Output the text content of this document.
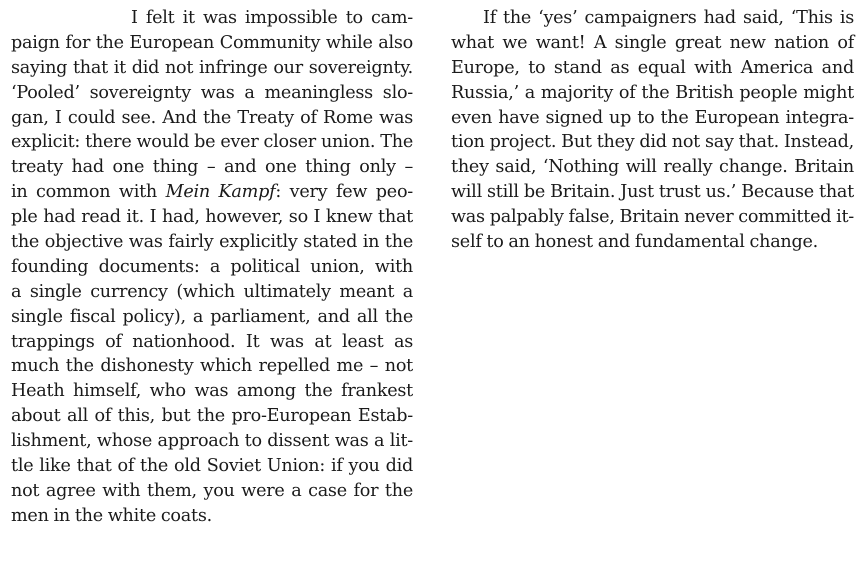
I felt it was impossible to cam-
paign for the European Community while also
saying that it did not infringe our sovereignty.
‘Pooled’ sovereignty was a meaningless slo-
gan, I could see. And the Treaty of Rome was
explicit: there would be ever closer union. The
treaty had one thing – and one thing only –
in common with Mein Kampf: very few peo-
ple had read it. I had, however, so I knew that
the objective was fairly explicitly stated in the
founding documents: a political union, with
a single currency (which ultimately meant a
single fiscal policy), a parliament, and all the
trappings of nationhood. It was at least as
much the dishonesty which repelled me – not
Heath himself, who was among the frankest
about all of this, but the pro-European Estab-
lishment, whose approach to dissent was a lit-
tle like that of the old Soviet Union: if you did
not agree with them, you were a case for the
men in the white coats.
If the ‘yes’ campaigners had said, ‘This is
what we want! A single great new nation of
Europe, to stand as equal with America and
Russia,’ a majority of the British people might
even have signed up to the European integra-
tion project. But they did not say that. Instead,
they said, ‘Nothing will really change. Britain
will still be Britain. Just trust us.’ Because that
was palpably false, Britain never committed it-
self to an honest and fundamental change.
